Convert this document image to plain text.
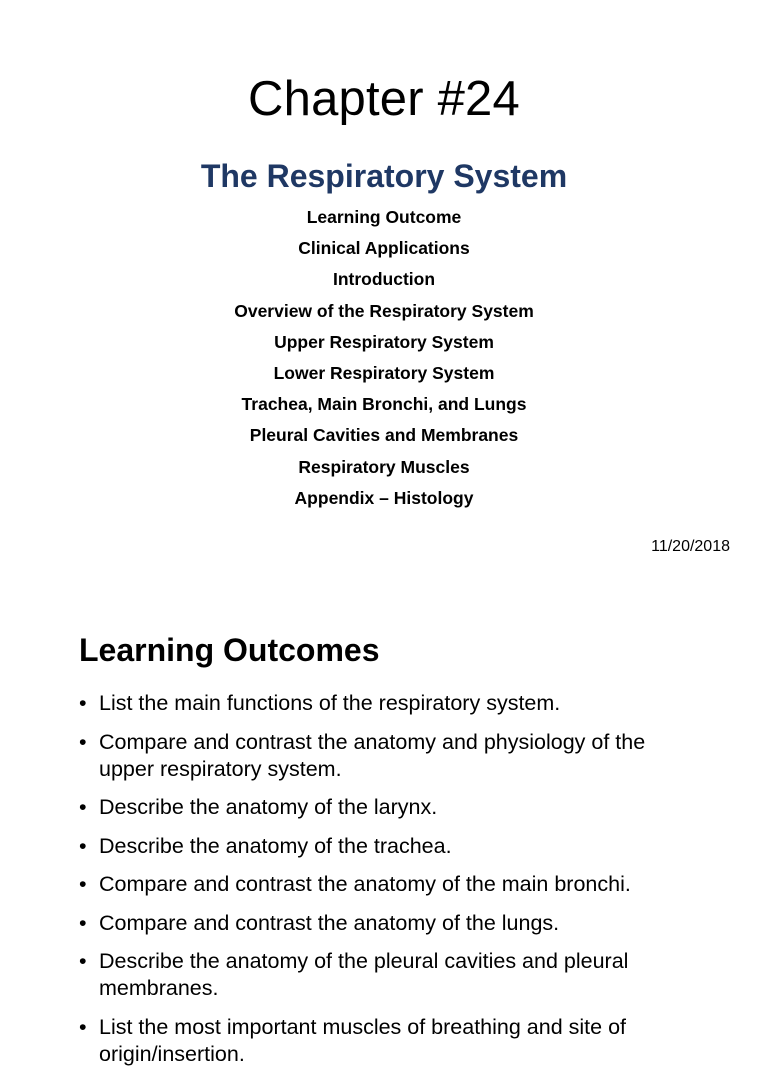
Chapter #24
The Respiratory System
Learning Outcome
Clinical Applications
Introduction
Overview of the Respiratory System
Upper Respiratory System
Lower Respiratory System
Trachea, Main Bronchi, and Lungs
Pleural Cavities and Membranes
Respiratory Muscles
Appendix – Histology
11/20/2018
Learning Outcomes
• List the main functions of the respiratory system.
• Compare and contrast the anatomy and physiology of the upper respiratory system.
• Describe the anatomy of the larynx.
• Describe the anatomy of the trachea.
• Compare and contrast the anatomy of the main bronchi.
• Compare and contrast the anatomy of the lungs.
• Describe the anatomy of the pleural cavities and pleural membranes.
• List the most important muscles of breathing and site of origin/insertion.
